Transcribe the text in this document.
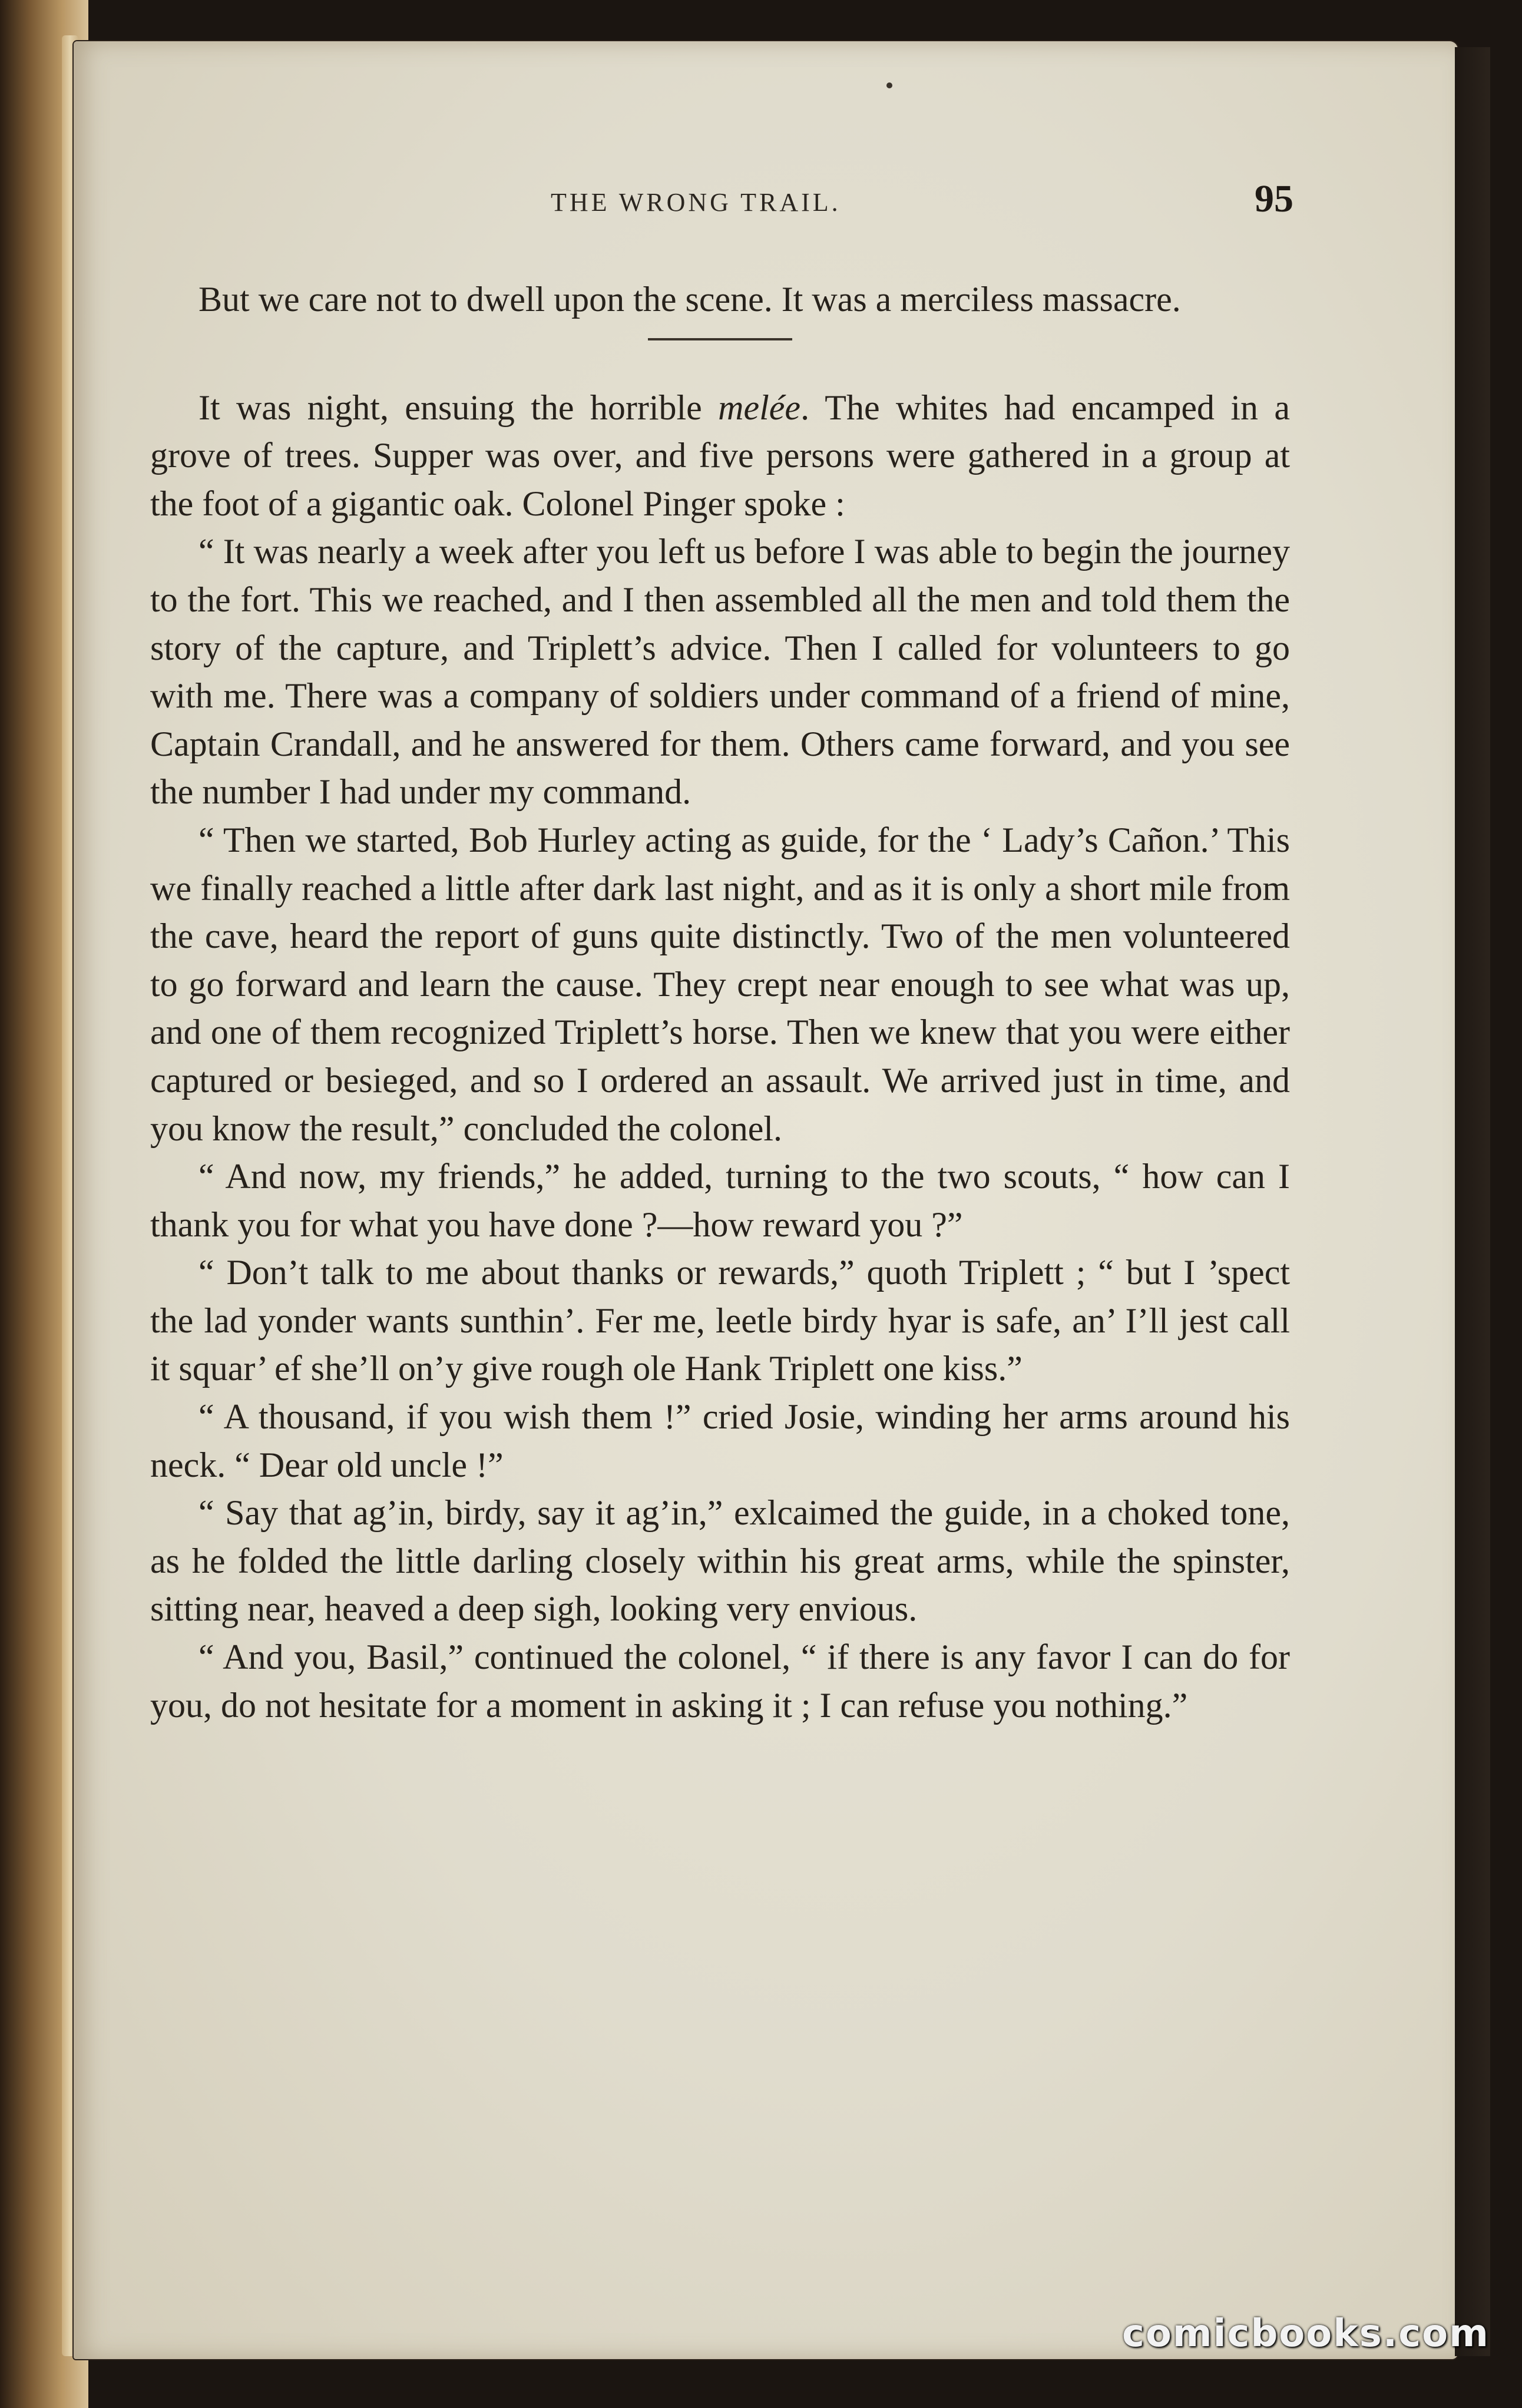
THE WRONG TRAIL.	95

But we care not to dwell upon the scene. It was a merciless massacre.

It was night, ensuing the horrible melée. The whites had encamped in a grove of trees. Supper was over, and five persons were gathered in a group at the foot of a gigantic oak. Colonel Pinger spoke :

“ It was nearly a week after you left us before I was able to begin the journey to the fort. This we reached, and I then assembled all the men and told them the story of the capture, and Triplett’s advice. Then I called for volunteers to go with me. There was a company of soldiers under command of a friend of mine, Captain Crandall, and he answered for them. Others came forward, and you see the number I had under my command.

“ Then we started, Bob Hurley acting as guide, for the ‘ Lady’s Cañon.’ This we finally reached a little after dark last night, and as it is only a short mile from the cave, heard the report of guns quite distinctly. Two of the men volunteered to go forward and learn the cause. They crept near enough to see what was up, and one of them recognized Triplett’s horse. Then we knew that you were either captured or besieged, and so I ordered an assault. We arrived just in time, and you know the result,” concluded the colonel.

“ And now, my friends,” he added, turning to the two scouts, “ how can I thank you for what you have done ?—how reward you ?”

“ Don’t talk to me about thanks or rewards,” quoth Triplett ; “ but I ’spect the lad yonder wants sunthin’. Fer me, leetle birdy hyar is safe, an’ I’ll jest call it squar’ ef she’ll on’y give rough ole Hank Triplett one kiss.”

“ A thousand, if you wish them !” cried Josie, winding her arms around his neck. “ Dear old uncle !”

“ Say that ag’in, birdy, say it ag’in,” exlcaimed the guide, in a choked tone, as he folded the little darling closely within his great arms, while the spinster, sitting near, heaved a deep sigh, looking very envious.

“ And you, Basil,” continued the colonel, “ if there is any favor I can do for you, do not hesitate for a moment in asking it ; I can refuse you nothing.”

comicbooks.com
